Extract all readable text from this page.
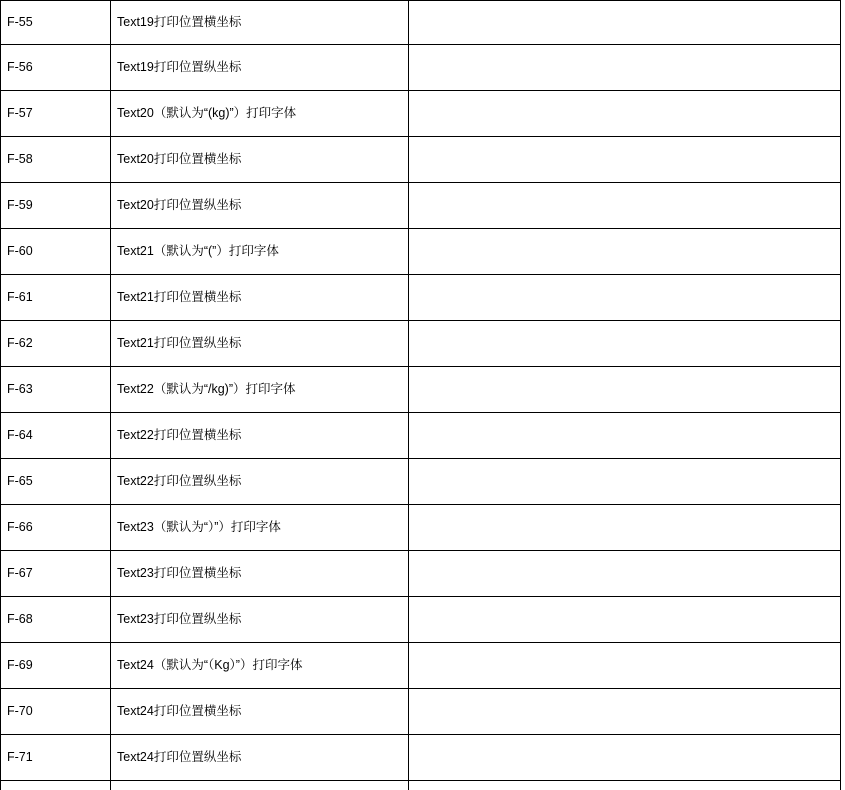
F-55	Text19打印位置横坐标	

F-56	Text19打印位置纵坐标	

F-57	Text20（默认为“(kg)”）打印字体	

F-58	Text20打印位置横坐标	

F-59	Text20打印位置纵坐标	

F-60	Text21（默认为“(”）打印字体	

F-61	Text21打印位置横坐标	

F-62	Text21打印位置纵坐标	

F-63	Text22（默认为“/kg)”）打印字体	

F-64	Text22打印位置横坐标	

F-65	Text22打印位置纵坐标	

F-66	Text23（默认为“）”）打印字体	

F-67	Text23打印位置横坐标	

F-68	Text23打印位置纵坐标	

F-69	Text24（默认为“（Kg）”）打印字体	

F-70	Text24打印位置横坐标	

F-71	Text24打印位置纵坐标	
